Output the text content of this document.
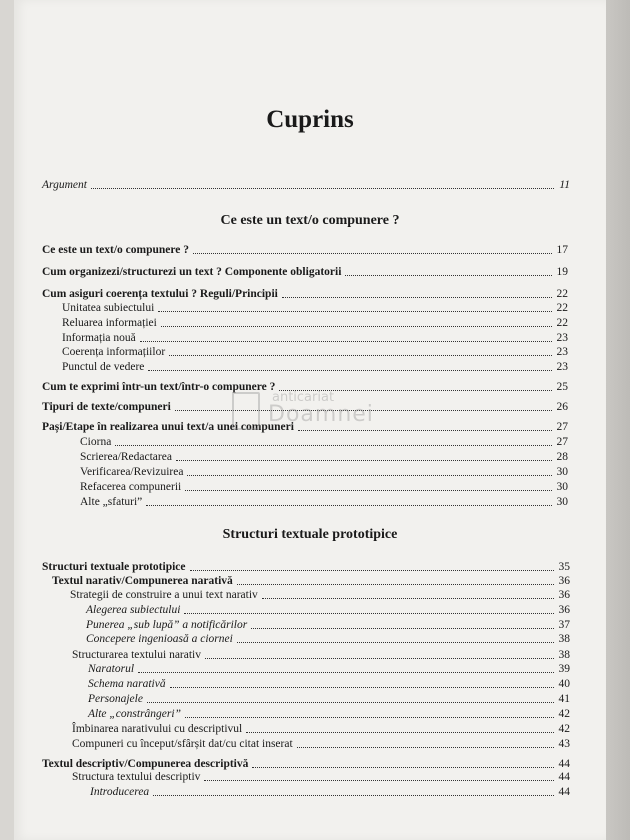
Cuprins
Argument	11
Ce este un text/o compunere ?
Ce este un text/o compunere ?	17
Cum organizezi/structurezi un text ? Componente obligatorii	19
Cum asiguri coerența textului ? Reguli/Principii	22
Unitatea subiectului	22
Reluarea informației	22
Informația nouă	23
Coerența informațiilor	23
Punctul de vedere	23
Cum te exprimi într-un text/într-o compunere ?	25
Tipuri de texte/compuneri	26
Pași/Etape în realizarea unui text/a unei compuneri	27
Ciorna	27
Scrierea/Redactarea	28
Verificarea/Revizuirea	30
Refacerea compunerii	30
Alte „sfaturi”	30
Structuri textuale prototipice
Structuri textuale prototipice	35
Textul narativ/Compunerea narativă	36
Strategii de construire a unui text narativ	36
Alegerea subiectului	36
Punerea „sub lupă” a notificărilor	37
Concepere ingenioasă a ciornei	38
Structurarea textului narativ	38
Naratorul	39
Schema narativă	40
Personajele	41
Alte „constrângeri”	42
Îmbinarea narativului cu descriptivul	42
Compuneri cu început/sfârșit dat/cu citat inserat	43
Textul descriptiv/Compunerea descriptivă	44
Structura textului descriptiv	44
Introducerea	44
anticariat
Doamnei
